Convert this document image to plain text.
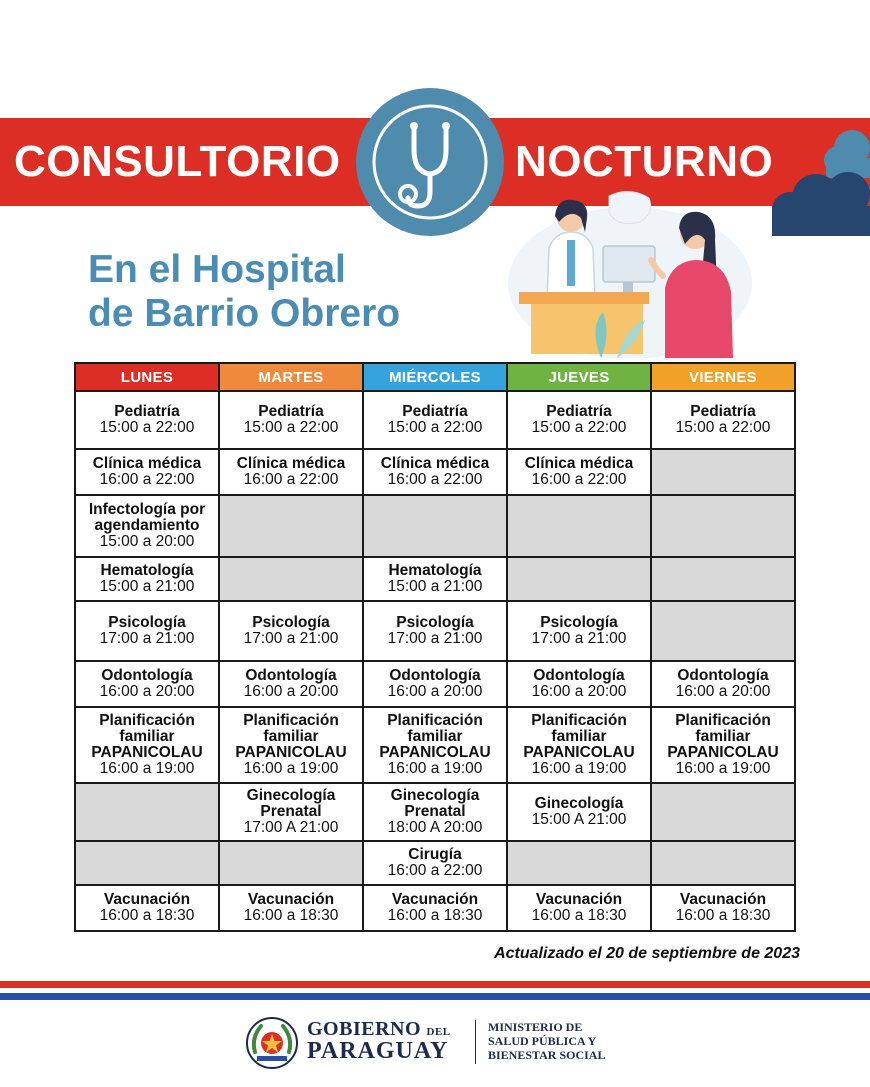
CONSULTORIO	NOCTURNO
En el Hospital
de Barrio Obrero
LUNES	MARTES	MIÉRCOLES	JUEVES	VIERNES

Pediatría
15:00 a 22:00	Pediatría
15:00 a 22:00	Pediatría
15:00 a 22:00	Pediatría
15:00 a 22:00	Pediatría
15:00 a 22:00

Clínica médica
16:00 a 22:00	Clínica médica
16:00 a 22:00	Clínica médica
16:00 a 22:00	Clínica médica
16:00 a 22:00	

Infectología por
agendamiento
15:00 a 20:00				

Hematología
15:00 a 21:00		Hematología
15:00 a 21:00		

Psicología
17:00 a 21:00	Psicología
17:00 a 21:00	Psicología
17:00 a 21:00	Psicología
17:00 a 21:00	

Odontología
16:00 a 20:00	Odontología
16:00 a 20:00	Odontología
16:00 a 20:00	Odontología
16:00 a 20:00	Odontología
16:00 a 20:00

Planificación
familiar
PAPANICOLAU
16:00 a 19:00	Planificación
familiar
PAPANICOLAU
16:00 a 19:00	Planificación
familiar
PAPANICOLAU
16:00 a 19:00	Planificación
familiar
PAPANICOLAU
16:00 a 19:00	Planificación
familiar
PAPANICOLAU
16:00 a 19:00

	Ginecología
Prenatal
17:00 A 21:00	Ginecología
Prenatal
18:00 A 20:00	Ginecología
15:00 A 21:00	

		Cirugía
16:00 a 22:00		

Vacunación
16:00 a 18:30	Vacunación
16:00 a 18:30	Vacunación
16:00 a 18:30	Vacunación
16:00 a 18:30	Vacunación
16:00 a 18:30
Actualizado el 20 de septiembre de 2023
GOBIERNO DEL
PARAGUAY
MINISTERIO DE
SALUD PÚBLICA Y
BIENESTAR SOCIAL
